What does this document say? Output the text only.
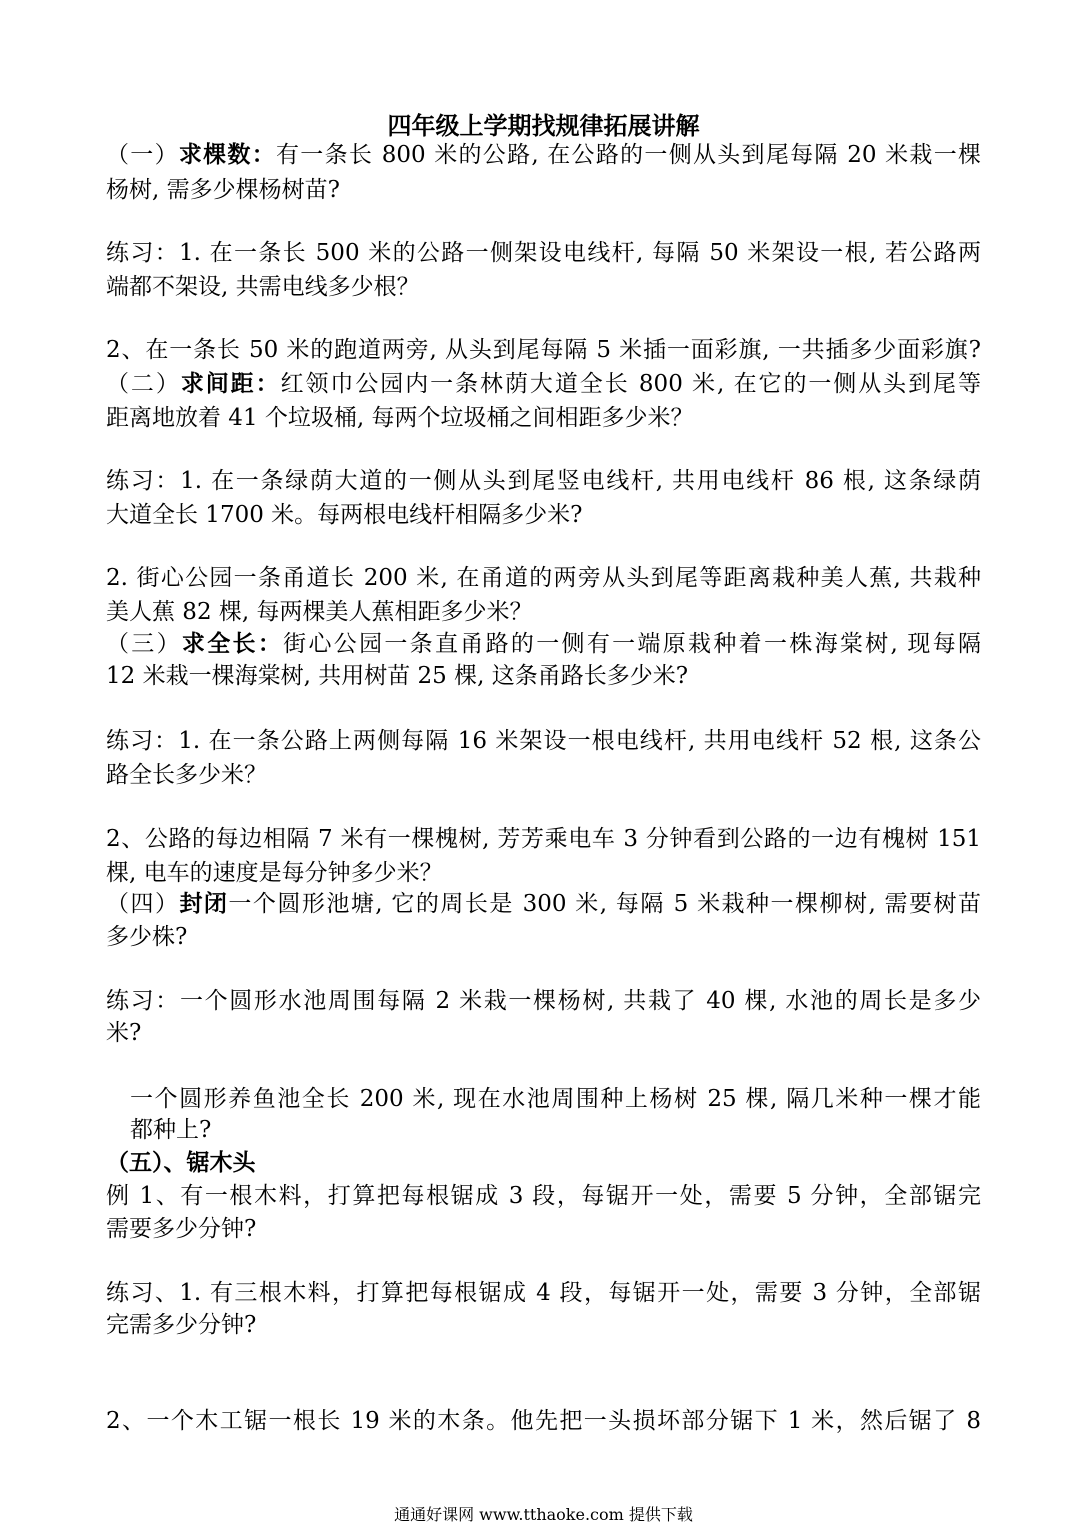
四年级上学期找规律拓展讲解
（一）求棵数：有一条长 800 米的公路, 在公路的一侧从头到尾每隔 20 米栽一棵
杨树, 需多少棵杨树苗?
练习：1. 在一条长 500 米的公路一侧架设电线杆, 每隔 50 米架设一根, 若公路两
端都不架设, 共需电线多少根？
2、在一条长 50 米的跑道两旁, 从头到尾每隔 5 米插一面彩旗, 一共插多少面彩旗?
（二）求间距：红领巾公园内一条林荫大道全长 800 米, 在它的一侧从头到尾等
距离地放着 41 个垃圾桶, 每两个垃圾桶之间相距多少米？
练习：1. 在一条绿荫大道的一侧从头到尾竖电线杆, 共用电线杆 86 根, 这条绿荫
大道全长 1700 米。每两根电线杆相隔多少米?
2. 街心公园一条甬道长 200 米, 在甬道的两旁从头到尾等距离栽种美人蕉, 共栽种
美人蕉 82 棵, 每两棵美人蕉相距多少米？
（三）求全长：街心公园一条直甬路的一侧有一端原栽种着一株海棠树, 现每隔
12 米栽一棵海棠树, 共用树苗 25 棵, 这条甬路长多少米?
练习：1. 在一条公路上两侧每隔 16 米架设一根电线杆, 共用电线杆 52 根, 这条公
路全长多少米？
2、公路的每边相隔 7 米有一棵槐树, 芳芳乘电车 3 分钟看到公路的一边有槐树 151
棵, 电车的速度是每分钟多少米？
（四）封闭一个圆形池塘, 它的周长是 300 米, 每隔 5 米栽种一棵柳树, 需要树苗
多少株?
练习：一个圆形水池周围每隔 2 米栽一棵杨树, 共栽了 40 棵, 水池的周长是多少
米?
一个圆形养鱼池全长 200 米, 现在水池周围种上杨树 25 棵, 隔几米种一棵才能
都种上?
（五）、锯木头
例 1、有一根木料，打算把每根锯成 3 段，每锯开一处，需要 5 分钟，全部锯完
需要多少分钟?
练习、1. 有三根木料，打算把每根锯成 4 段，每锯开一处，需要 3 分钟，全部锯
完需多少分钟?
2、一个木工锯一根长 19 米的木条。他先把一头损坏部分锯下 1 米，然后锯了 8
通通好课网 www.tthaoke.com 提供下载
